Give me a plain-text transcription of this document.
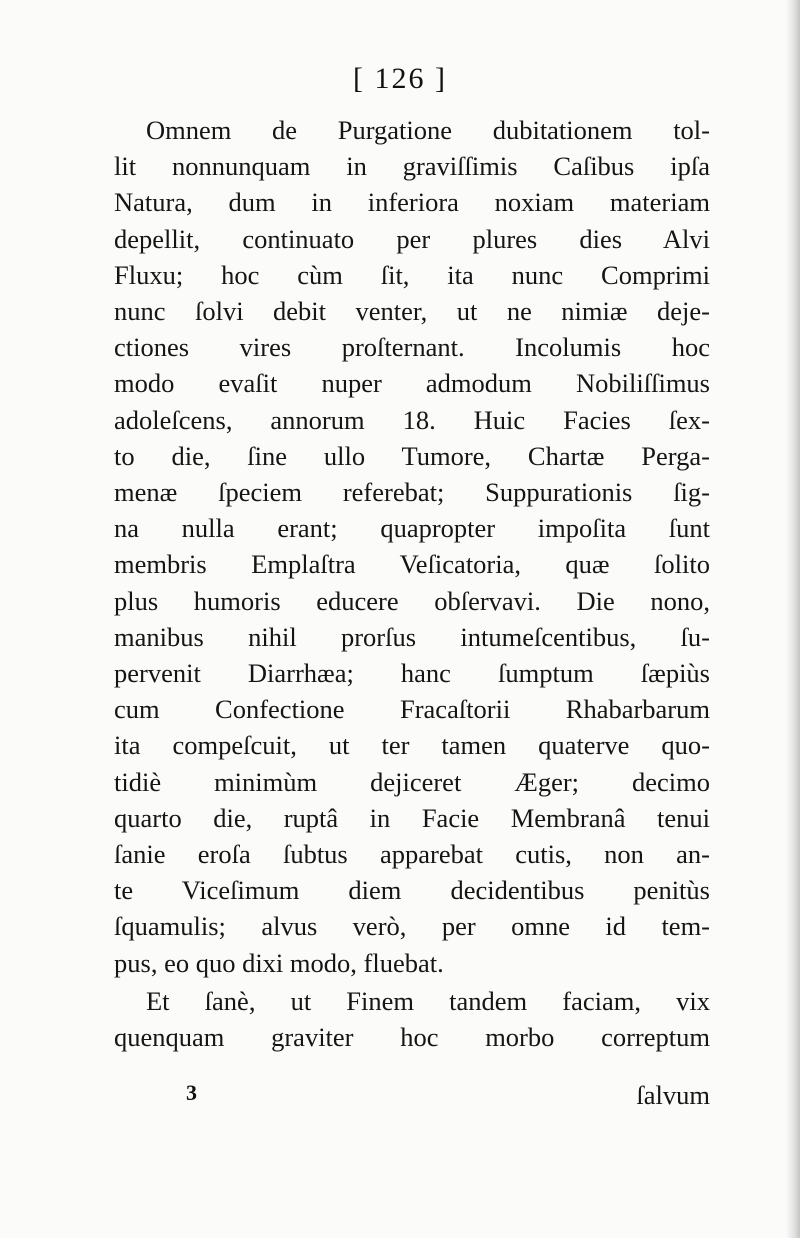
[ 126 ]

Omnem de Purgatione dubitationem tol-
lit nonnunquam in graviſſimis Caſibus ipſa
Natura, dum in inferiora noxiam materiam
depellit, continuato per plures dies Alvi
Fluxu; hoc cùm ſit, ita nunc Comprimi
nunc ſolvi debit venter, ut ne nimiæ deje-
ctiones vires proſternant. Incolumis hoc
modo evaſit nuper admodum Nobiliſſimus
adoleſcens, annorum 18. Huic Facies ſex-
to die, ſine ullo Tumore, Chartæ Perga-
menæ ſpeciem referebat; Suppurationis ſig-
na nulla erant; quapropter impoſita ſunt
membris Emplaſtra Veſicatoria, quæ ſolito
plus humoris educere obſervavi. Die nono,
manibus nihil prorſus intumeſcentibus, ſu-
pervenit Diarrhæa; hanc ſumptum ſæpiùs
cum Confectione Fracaſtorii Rhabarbarum
ita compeſcuit, ut ter tamen quaterve quo-
tidiè minimùm dejiceret Æger; decimo
quarto die, ruptâ in Facie Membranâ tenui
ſanie eroſa ſubtus apparebat cutis, non an-
te Viceſimum diem decidentibus penitùs
ſquamulis; alvus verò, per omne id tem-
pus, eo quo dixi modo, fluebat.

Et ſanè, ut Finem tandem faciam, vix
quenquam graviter hoc morbo correptum

3	ſalvum
